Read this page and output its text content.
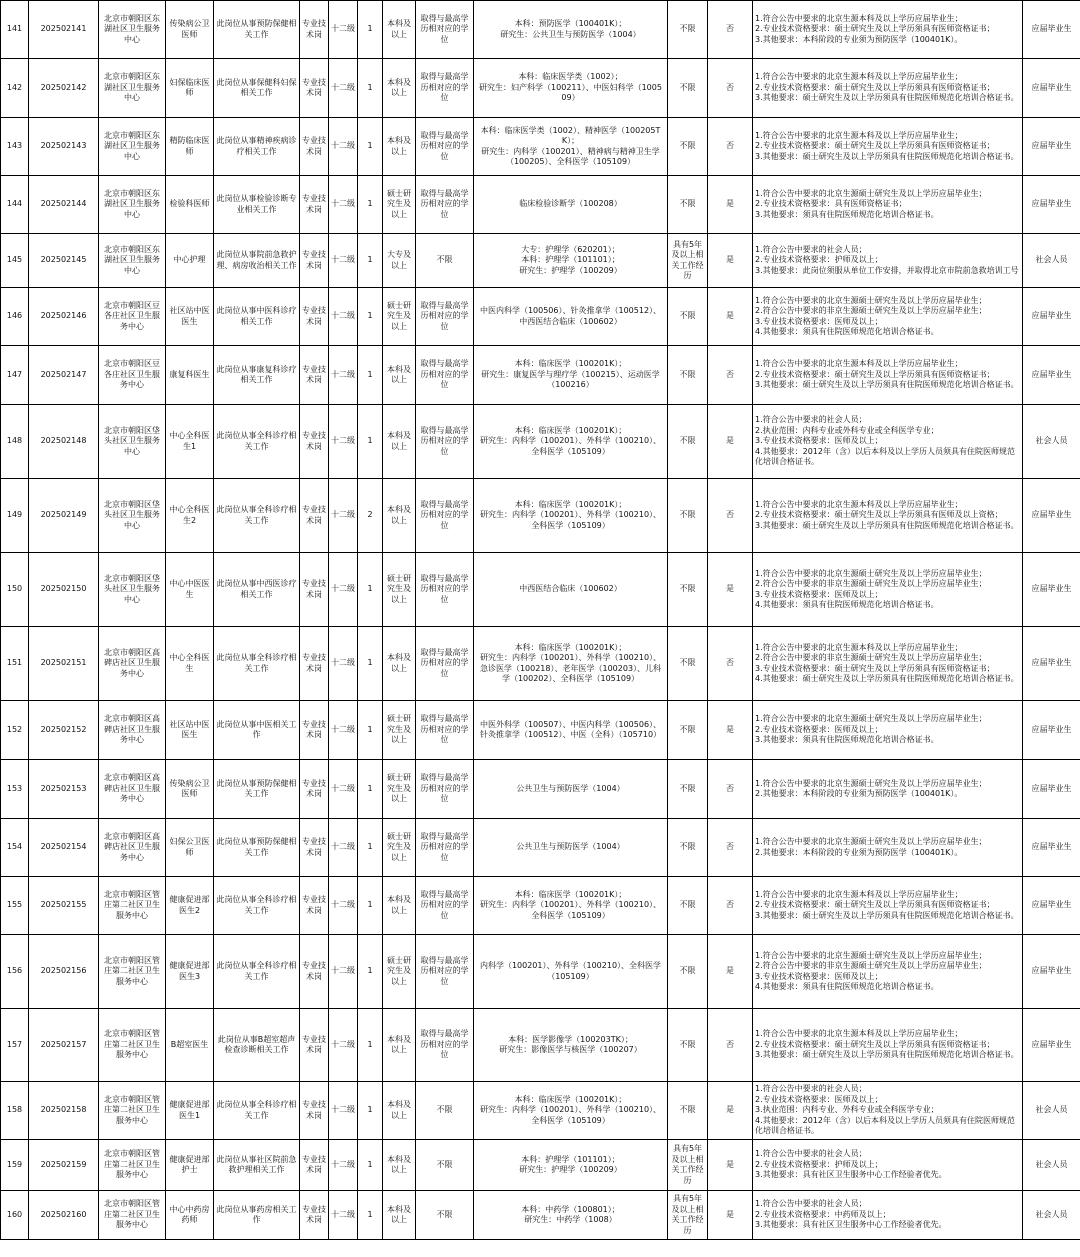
141	202502141	北京市朝阳区东湖社区卫生服务中心	传染病公卫医师	此岗位从事预防保健相关工作	专业技术岗	十二级	1	本科及以上	取得与最高学历相对应的学位	本科：预防医学（100401K）；
研究生：公共卫生与预防医学（1004）	不限	否	1.符合公告中要求的北京生源本科及以上学历应届毕业生；
2.专业技术资格要求：硕士研究生及以上学历须具有医师资格证书；
3.其他要求：本科阶段的专业须为预防医学（100401K）。	应届毕业生
142	202502142	北京市朝阳区东湖社区卫生服务中心	妇保临床医师	此岗位从事保健科妇保相关工作	专业技术岗	十二级	1	本科及以上	取得与最高学历相对应的学位	本科：临床医学类（1002）；
研究生：妇产科学（100211）、中医妇科学（100509）	不限	否	1.符合公告中要求的北京生源本科及以上学历应届毕业生；
2.专业技术资格要求：硕士研究生及以上学历须具有医师资格证书；
3.其他要求：硕士研究生及以上学历须具有住院医师规范化培训合格证书。	应届毕业生
143	202502143	北京市朝阳区东湖社区卫生服务中心	精防临床医师	此岗位从事精神疾病诊疗相关工作	专业技术岗	十二级	1	本科及以上	取得与最高学历相对应的学位	本科：临床医学类（1002）、精神医学（100205TK）；
研究生：内科学（100201）、精神病与精神卫生学（100205）、全科医学（105109）	不限	否	1.符合公告中要求的北京生源本科及以上学历应届毕业生；
2.专业技术资格要求：硕士研究生及以上学历须具有医师资格证书；
3.其他要求：硕士研究生及以上学历须具有住院医师规范化培训合格证书。	应届毕业生
144	202502144	北京市朝阳区东湖社区卫生服务中心	检验科医师	此岗位从事检验诊断专业相关工作	专业技术岗	十二级	1	硕士研究生及以上	取得与最高学历相对应的学位	临床检验诊断学（100208）	不限	是	1.符合公告中要求的北京生源硕士研究生及以上学历应届毕业生；
2.专业技术资格要求：具有医师资格证书；
3.其他要求：须具有住院医师规范化培训合格证书。	应届毕业生
145	202502145	北京市朝阳区东湖社区卫生服务中心	中心护理	此岗位从事院前急救护理、病房收治相关工作	专业技术岗	十二级	1	大专及以上	不限	大专：护理学（620201）；
本科：护理学（101101）；
研究生：护理学（100209）	具有5年及以上相关工作经历	是	1.符合公告中要求的社会人员；
2.专业技术资格要求：护师及以上；
3.其他要求：此岗位须服从单位工作安排，并取得北京市院前急救培训工号	社会人员
146	202502146	北京市朝阳区豆各庄社区卫生服务中心	社区站中医医生	此岗位从事中医科诊疗相关工作	专业技术岗	十二级	1	硕士研究生及以上	取得与最高学历相对应的学位	中医内科学（100506）、针灸推拿学（100512）、中西医结合临床（100602）	不限	是	1.符合公告中要求的北京生源硕士研究生及以上学历应届毕业生；
2.符合公告中要求的非京生源硕士研究生及以上学历应届毕业生；
3.专业技术资格要求：医师及以上；
4.其他要求：须具有住院医师规范化培训合格证书。	应届毕业生
147	202502147	北京市朝阳区豆各庄社区卫生服务中心	康复科医生	此岗位从事康复科诊疗相关工作	专业技术岗	十二级	1	本科及以上	取得与最高学历相对应的学位	本科：临床医学（100201K）；
研究生：康复医学与理疗学（100215）、运动医学（100216）	不限	否	1.符合公告中要求的北京生源本科及以上学历应届毕业生；
2.专业技术资格要求：硕士研究生及以上学历须具有医师资格证书；
3.其他要求：硕士研究生及以上学历须具有住院医师规范化培训合格证书。	应届毕业生
148	202502148	北京市朝阳区垡头社区卫生服务中心	中心全科医生1	此岗位从事全科诊疗相关工作	专业技术岗	十二级	1	本科及以上	取得与最高学历相对应的学位	本科：临床医学（100201K）；
研究生：内科学（100201）、外科学（100210）、全科医学（105109）	不限	是	1.符合公告中要求的社会人员；
2.执业范围：内科专业或外科专业或全科医学专业；
3.专业技术资格要求：医师及以上；
4.其他要求：2012年（含）以后本科及以上学历人员须具有住院医师规范化培训合格证书。	社会人员
149	202502149	北京市朝阳区垡头社区卫生服务中心	中心全科医生2	此岗位从事全科诊疗相关工作	专业技术岗	十二级	2	本科及以上	取得与最高学历相对应的学位	本科：临床医学（100201K）；
研究生：内科学（100201）、外科学（100210）、全科医学（105109）	不限	否	1.符合公告中要求的北京生源本科及以上学历应届毕业生；
2.专业技术资格要求：硕士研究生及以上学历须具有医师及以上资格；
3.其他要求：硕士研究生及以上学历须具有住院医师规范化培训合格证书。	应届毕业生
150	202502150	北京市朝阳区垡头社区卫生服务中心	中心中医医生	此岗位从事中西医诊疗相关工作	专业技术岗	十二级	1	硕士研究生及以上	取得与最高学历相对应的学位	中西医结合临床（100602）	不限	是	1.符合公告中要求的北京生源硕士研究生及以上学历应届毕业生；
2.符合公告中要求的非京生源硕士研究生及以上学历应届毕业生；
3.专业技术资格要求：医师及以上；
4.其他要求：须具有住院医师规范化培训合格证书。	应届毕业生
151	202502151	北京市朝阳区高碑店社区卫生服务中心	中心全科医生	此岗位从事全科诊疗相关工作	专业技术岗	十二级	1	本科及以上	取得与最高学历相对应的学位	本科：临床医学（100201K）；
研究生：内科学（100201）、外科学（100210）、急诊医学（100218）、老年医学（100203）、儿科学（100202）、全科医学（105109）	不限	否	1.符合公告中要求的北京生源本科及以上学历应届毕业生；
2.符合公告中要求的非京生源硕士研究生及以上学历应届毕业生；
3.专业技术资格要求：硕士研究生及以上学历须具有医师资格证书；
4.其他要求：硕士研究生及以上学历须具有住院医师规范化培训合格证书。	应届毕业生
152	202502152	北京市朝阳区高碑店社区卫生服务中心	社区站中医医生	此岗位从事中医相关工作	专业技术岗	十二级	1	硕士研究生及以上	取得与最高学历相对应的学位	中医外科学（100507）、中医内科学（100506）、针灸推拿学（100512）、中医（全科）（105710）	不限	是	1.符合公告中要求的北京生源硕士研究生及以上学历应届毕业生；
2.专业技术资格要求：医师及以上；
3.其他要求：须具有住院医师规范化培训合格证书。	应届毕业生
153	202502153	北京市朝阳区高碑店社区卫生服务中心	传染病公卫医师	此岗位从事预防保健相关工作	专业技术岗	十二级	1	硕士研究生及以上	取得与最高学历相对应的学位	公共卫生与预防医学（1004）	不限	否	1.符合公告中要求的北京生源硕士研究生及以上学历应届毕业生；
2.其他要求：本科阶段的专业须为预防医学（100401K）。	应届毕业生
154	202502154	北京市朝阳区高碑店社区卫生服务中心	妇保公卫医师	此岗位从事预防保健相关工作	专业技术岗	十二级	1	硕士研究生及以上	取得与最高学历相对应的学位	公共卫生与预防医学（1004）	不限	否	1.符合公告中要求的北京生源硕士研究生及以上学历应届毕业生；
2.其他要求：本科阶段的专业须为预防医学（100401K）。	应届毕业生
155	202502155	北京市朝阳区管庄第二社区卫生服务中心	健康促进部医生2	此岗位从事全科诊疗相关工作	专业技术岗	十二级	1	本科及以上	取得与最高学历相对应的学位	本科：临床医学（100201K）；
研究生：内科学（100201）、外科学（100210）、全科医学（105109）	不限	否	1.符合公告中要求的北京生源本科及以上学历应届毕业生；
2.专业技术资格要求：硕士研究生及以上学历须具有医师资格证书；
3.其他要求：硕士研究生及以上学历须具有住院医师规范化培训合格证书。	应届毕业生
156	202502156	北京市朝阳区管庄第二社区卫生服务中心	健康促进部医生3	此岗位从事全科诊疗相关工作	专业技术岗	十二级	1	硕士研究生及以上	取得与最高学历相对应的学位	内科学（100201）、外科学（100210）、全科医学（105109）	不限	是	1.符合公告中要求的北京生源硕士研究生及以上学历应届毕业生；
2.符合公告中要求的非京生源硕士研究生及以上学历应届毕业生；
3.专业技术资格要求：医师及以上；
4.其他要求：须具有住院医师规范化培训合格证书。	应届毕业生
157	202502157	北京市朝阳区管庄第二社区卫生服务中心	B超室医生	此岗位从事B超室超声检查诊断相关工作	专业技术岗	十二级	1	本科及以上	取得与最高学历相对应的学位	本科：医学影像学（100203TK）；
研究生：影像医学与核医学（100207）	不限	否	1.符合公告中要求的北京生源本科及以上学历应届毕业生；
2.专业技术资格要求：硕士研究生及以上学历须具有医师资格证书；
3.其他要求：硕士研究生及以上学历须具有住院医师规范化培训合格证书。	应届毕业生
158	202502158	北京市朝阳区管庄第二社区卫生服务中心	健康促进部医生1	此岗位从事全科诊疗相关工作	专业技术岗	十二级	1	本科及以上	不限	本科：临床医学（100201K）；
研究生：内科学（100201）、外科学（100210）、全科医学（105109）	不限	是	1.符合公告中要求的社会人员；
2.专业技术资格要求：医师及以上；
3.执业范围：内科专业、外科专业或全科医学专业；
4.其他要求：2012年（含）以后本科及以上学历人员须具有住院医师规范化培训合格证书。	社会人员
159	202502159	北京市朝阳区管庄第二社区卫生服务中心	健康促进部护士	此岗位从事社区院前急救护理相关工作	专业技术岗	十二级	1	本科及以上	不限	本科：护理学（101101）；
研究生：护理学（100209）	具有5年及以上相关工作经历	是	1.符合公告中要求的社会人员；
2.专业技术资格要求：护师及以上；
3.其他要求：具有社区卫生服务中心工作经验者优先。	社会人员
160	202502160	北京市朝阳区管庄第二社区卫生服务中心	中心中药房药师	此岗位从事药房相关工作	专业技术岗	十二级	1	本科及以上	不限	本科：中药学（100801）；
研究生：中药学（1008）	具有5年及以上相关工作经历	是	1.符合公告中要求的社会人员；
2.专业技术资格要求：中药师及以上；
3.其他要求：具有社区卫生服务中心工作经验者优先。	社会人员
